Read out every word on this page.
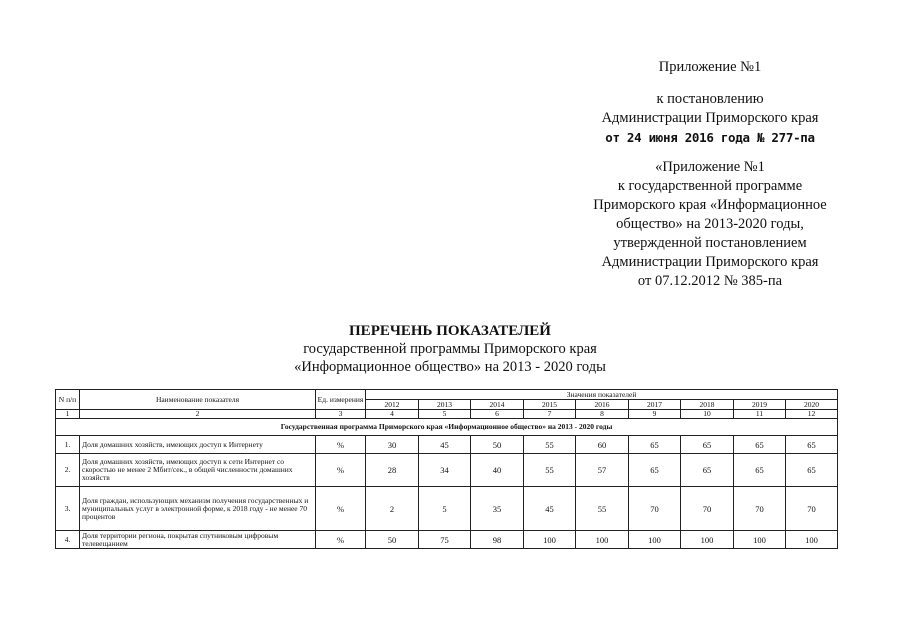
Приложение №1
к постановлению
Администрации Приморского края
от 24 июня 2016 года № 277-па
«Приложение №1
к государственной программе
Приморского края «Информационное
общество» на 2013-2020 годы,
утвержденной постановлением
Администрации Приморского края
от 07.12.2012 № 385-па
ПЕРЕЧЕНЬ ПОКАЗАТЕЛЕЙ
государственной программы Приморского края
«Информационное общество» на 2013 - 2020 годы
N п/п	Наименование показателя	Ед. измерения	Значения показателей								
			2012	2013	2014	2015	2016	2017	2018	2019	2020
1	2	3	4	5	6	7	8	9	10	11	12
Государственная программа Приморского края «Информационное общество» на 2013 - 2020 годы											
1.	Доля домашних хозяйств, имеющих доступ к Интернету	%	30	45	50	55	60	65	65	65	65
2.	Доля домашних хозяйств, имеющих доступ к сети Интернет со скоростью не менее 2 Мбит/сек., в общей численности домашних хозяйств	%	28	34	40	55	57	65	65	65	65
3.	Доля граждан, использующих механизм получения государственных и муниципальных услуг в электронной форме, к 2018 году - не менее 70 процентов	%	2	5	35	45	55	70	70	70	70
4.	Доля территории региона, покрытая спутниковым цифровым телевещанием	%	50	75	98	100	100	100	100	100	100
